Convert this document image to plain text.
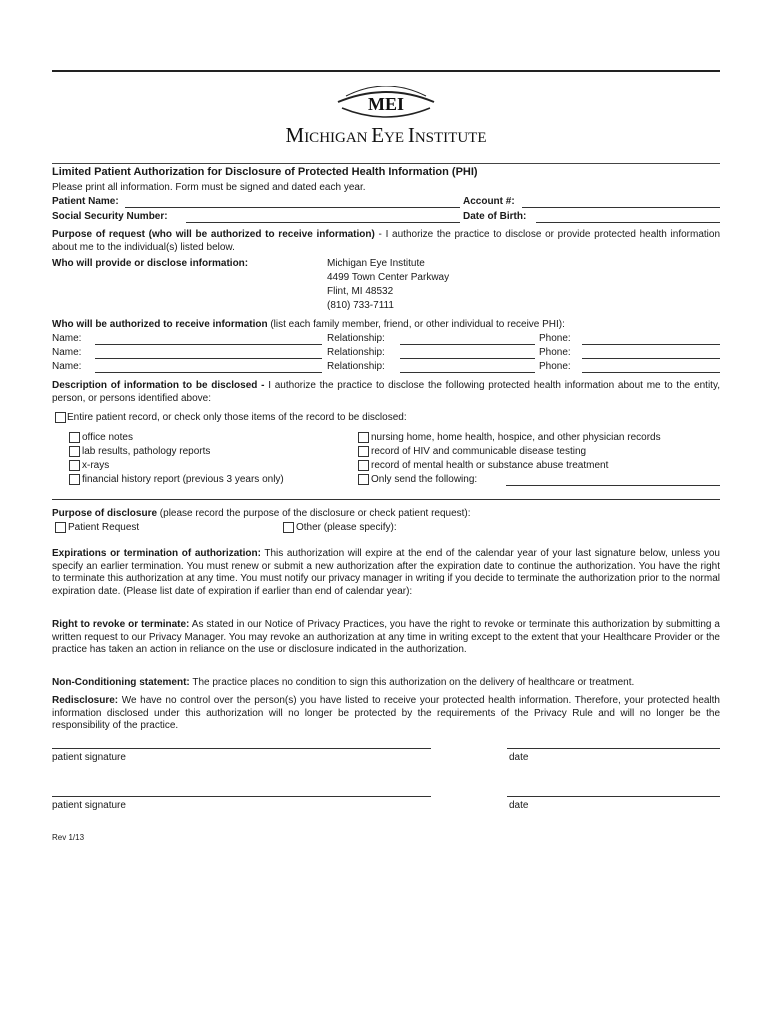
MEI
MICHIGAN EYE INSTITUTE
Limited Patient Authorization for Disclosure of Protected Health Information (PHI)
Please print all information. Form must be signed and dated each year.
Patient Name:	Account #:
Social Security Number:	Date of Birth:
Purpose of request (who will be authorized to receive information) - I authorize the practice to disclose or provide protected health information about me to the individual(s) listed below.
Who will provide or disclose information:	Michigan Eye Institute
4499 Town Center Parkway
Flint, MI 48532
(810) 733-7111
Who will be authorized to receive information (list each family member, friend, or other individual to receive PHI):
Name:	Relationship:	Phone:
Name:	Relationship:	Phone:
Name:	Relationship:	Phone:
Description of information to be disclosed - I authorize the practice to disclose the following protected health information about me to the entity, person, or persons identified above:
Entire patient record, or check only those items of the record to be disclosed:
office notes
lab results, pathology reports
x-rays
financial history report (previous 3 years only)
nursing home, home health, hospice, and other physician records
record of HIV and communicable disease testing
record of mental health or substance abuse treatment
Only send the following:
Purpose of disclosure (please record the purpose of the disclosure or check patient request):
Patient Request	Other (please specify):
Expirations or termination of authorization: This authorization will expire at the end of the calendar year of your last signature below, unless you specify an earlier termination. You must renew or submit a new authorization after the expiration date to continue the authorization. You have the right to terminate this authorization at any time. You must notify our privacy manager in writing if you decide to terminate the authorization prior to the normal expiration date. (Please list date of expiration if earlier than end of calendar year):
Right to revoke or terminate: As stated in our Notice of Privacy Practices, you have the right to revoke or terminate this authorization by submitting a written request to our Privacy Manager. You may revoke an authorization at any time in writing except to the extent that your Healthcare Provider or the practice has taken an action in reliance on the use or disclosure indicated in the authorization.
Non-Conditioning statement: The practice places no condition to sign this authorization on the delivery of healthcare or treatment.
Redisclosure: We have no control over the person(s) you have listed to receive your protected health information. Therefore, your protected health information disclosed under this authorization will no longer be protected by the requirements of the Privacy Rule and will no longer be the responsibility of the practice.
patient signature	date
patient signature	date
Rev 1/13
